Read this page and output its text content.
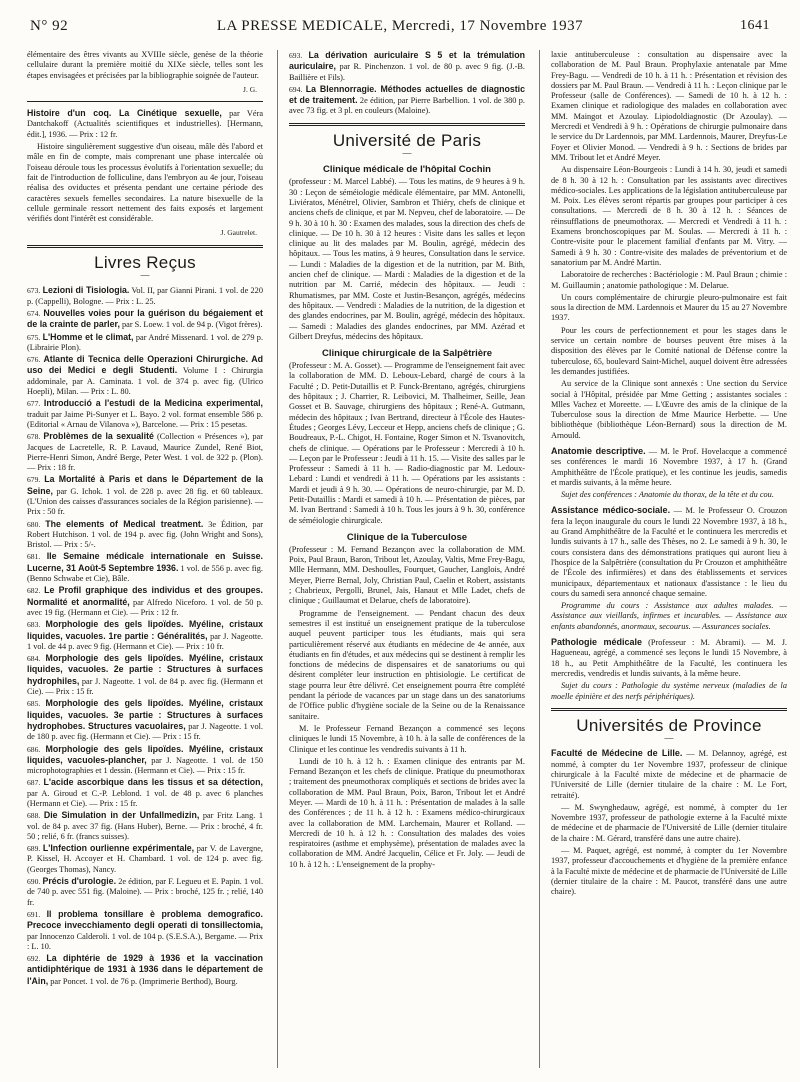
N° 92	LA PRESSE MEDICALE, Mercredi, 17 Novembre 1937	1641

élémentaire des êtres vivants au XVIIIe siècle, genèse de la théorie cellulaire durant la première moitié du XIXe siècle, telles sont les étapes envisagées et précisées par la bibliographie soignée de l'auteur.

J. G.

Histoire d'un coq. La Cinétique sexuelle, par Véra Dantchakoff (Actualités scientifiques et industrielles). [Hermann, édit.], 1936. — Prix : 12 fr.

Histoire singulièrement suggestive d'un oiseau, mâle dès l'abord et mâle en fin de compte, mais comprenant une phase intercalée où l'oiseau déroule tous les processus évolutifs à l'orientation sexuelle; du fait de l'introduction de folliculine, dans l'embryon au 4e jour, l'oiseau réalisa des oviductes et présenta pendant une certaine période des caractères sexuels femelles secondaires. La nature bisexuelle de la cellule germinale ressort nettement des faits exposés et largement vérifiés dont l'intérêt est considérable.

J. Gautrelet.
Livres Reçus
—

673. Lezioni di Tisiologia. Vol. II, par Gianni Pirani. 1 vol. de 220 p. (Cappelli), Bologne. — Prix : L. 25.

674. Nouvelles voies pour la guérison du bégaiement et de la crainte de parler, par S. Loew. 1 vol. de 94 p. (Vigot frères).

675. L'Homme et le climat, par André Missenard. 1 vol. de 279 p. (Librairie Plon).

676. Atlante di Tecnica delle Operazioni Chirurgiche. Ad uso dei Medici e degli Studenti. Volume I : Chirurgia addominale, par A. Caminata. 1 vol. de 374 p. avec fig. (Ulrico Hoepli), Milan. — Prix : L. 80.

677. Introducció a l'estudi de la Medicina experimental, traduit par Jaime Pi-Sunyer et L. Bayo. 2 vol. format ensemble 586 p. (Editorial « Arnau de Vilanova »), Barcelone. — Prix : 15 pesetas.

678. Problèmes de la sexualité (Collection « Présences »), par Jacques de Lacretelle, R. P. Lavaud, Maurice Zundel, René Biot, Pierre-Henri Simon, André Berge, Peter West. 1 vol. de 322 p. (Plon). — Prix : 18 fr.

679. La Mortalité à Paris et dans le Département de la Seine, par G. Ichok. 1 vol. de 228 p. avec 28 fig. et 60 tableaux. (L'Union des caisses d'assurances sociales de la Région parisienne). — Prix : 50 fr.

680. The elements of Medical treatment. 3e Édition, par Robert Hutchison. 1 vol. de 194 p. avec fig. (John Wright and Sons), Bristol. — Prix : 5/-.

681. IIe Semaine médicale internationale en Suisse. Lucerne, 31 Août-5 Septembre 1936. 1 vol. de 556 p. avec fig. (Benno Schwabe et Cie), Bâle.

682. Le Profil graphique des individus et des groupes. Normalité et anormalité, par Alfredo Niceforo. 1 vol. de 50 p. avec 19 fig. (Hermann et Cie). — Prix : 12 fr.

683. Morphologie des gels lipoïdes. Myéline, cristaux liquides, vacuoles. 1re partie : Généralités, par J. Nageotte. 1 vol. de 44 p. avec 9 fig. (Hermann et Cie). — Prix : 10 fr.

684. Morphologie des gels lipoïdes. Myéline, cristaux liquides, vacuoles. 2e partie : Structures à surfaces hydrophiles, par J. Nageotte. 1 vol. de 84 p. avec fig. (Hermann et Cie). — Prix : 15 fr.

685. Morphologie des gels lipoïdes. Myéline, cristaux liquides, vacuoles. 3e partie : Structures à surfaces hydrophobes. Structures vacuolaires, par J. Nageotte. 1 vol. de 180 p. avec fig. (Hermann et Cie). — Prix : 15 fr.

686. Morphologie des gels lipoïdes. Myéline, cristaux liquides, vacuoles-plancher, par J. Nageotte. 1 vol. de 150 microphotographies et 1 dessin. (Hermann et Cie). — Prix : 15 fr.

687. L'acide ascorbique dans les tissus et sa détection, par A. Giroud et C.-P. Leblond. 1 vol. de 48 p. avec 6 planches (Hermann et Cie). — Prix : 15 fr.

688. Die Simulation in der Unfallmedizin, par Fritz Lang. 1 vol. de 84 p. avec 37 fig. (Hans Huber), Berne. — Prix : broché, 4 fr. 50 ; relié, 6 fr. (francs suisses).

689. L'Infection ourlienne expérimentale, par V. de Lavergne, P. Kissel, H. Accoyer et H. Chambard. 1 vol. de 124 p. avec fig. (Georges Thomas), Nancy.

690. Précis d'urologie. 2e édition, par F. Legueu et E. Papin. 1 vol. de 740 p. avec 551 fig. (Maloine). — Prix : broché, 125 fr. ; relié, 140 fr.

691. Il problema tonsillare è problema demografico. Precoce invecchiamento degli operati di tonsillectomia, par Innocenzo Calderoli. 1 vol. de 104 p. (S.E.S.A.), Bergame. — Prix : L. 10.

692. La diphtérie de 1929 à 1936 et la vaccination antidiphtérique de 1931 à 1936 dans le département de l'Ain, par Poncet. 1 vol. de 76 p. (Imprimerie Berthod), Bourg.

693. La dérivation auriculaire S 5 et la trémulation auriculaire, par R. Pinchenzon. 1 vol. de 80 p. avec 9 fig. (J.-B. Baillière et Fils).

694. La Blennorragie. Méthodes actuelles de diagnostic et de traitement. 2e édition, par Pierre Barbellion. 1 vol. de 380 p. avec 73 fig. et 3 pl. en couleurs (Maloine).

Université de Paris
—
Clinique médicale de l'hôpital Cochin

(professeur : M. Marcel Labbé). — Tous les matins, de 9 heures à 9 h. 30 : Leçon de séméiologie médicale élémentaire, par MM. Antonelli, Liviératos, Ménétrel, Olivier, Sambron et Thiéry, chefs de clinique et anciens chefs de clinique, et par M. Nepveu, chef de laboratoire. — De 9 h. 30 à 10 h. 30 : Examen des malades, sous la direction des chefs de clinique. — De 10 h. 30 à 12 heures : Visite dans les salles et leçon clinique au lit des malades par M. Boulin, agrégé, médecin des hôpitaux. — Tous les matins, à 9 heures, Consultation dans le service. — Lundi : Maladies de la digestion et de la nutrition, par M. Bith, ancien chef de clinique. — Mardi : Maladies de la digestion et de la nutrition par M. Carrié, médecin des hôpitaux. — Jeudi : Rhumatismes, par MM. Coste et Justin-Besançon, agrégés, médecins des hôpitaux. — Vendredi : Maladies de la nutrition, de la digestion et des glandes endocrines, par M. Boulin, agrégé, médecin des hôpitaux. — Samedi : Maladies des glandes endocrines, par MM. Azérad et Gilbert Dreyfus, médecins des hôpitaux.

Clinique chirurgicale de la Salpêtrière

(Professeur : M. A. Gosset). — Programme de l'enseignement fait avec la collaboration de MM. D. Leboux-Lebard, chargé de cours à la Faculté ; D. Petit-Dutaillis et P. Funck-Brentano, agrégés, chirurgiens des hôpitaux ; J. Charrier, R. Leibovici, M. Thalheimer, Seille, Jean Gosset et B. Sauvage, chirurgiens des hôpitaux ; René-A. Gutmann, médecin des hôpitaux ; Ivan Bertrand, directeur à l'École des Hautes-Études ; Georges Lévy, Lecceur et Hepp, anciens chefs de clinique ; G. Boudreaux, P.-L. Chigot, H. Fontaine, Roger Simon et N. Tsvanovitch, chefs de clinique. — Opérations par le Professeur : Mercredi à 10 h. — Leçon par le Professeur : Jeudi à 11 h. 15. — Visite des salles par le Professeur : Samedi à 11 h. — Radio-diagnostic par M. Ledoux-Lebard : Lundi et vendredi à 11 h. — Opérations par les assistants : Mardi et jeudi à 9 h. 30. — Opérations de neuro-chirurgie, par M. D. Petit-Dutaillis : Mardi et samedi à 10 h. — Présentation de pièces, par M. Ivan Bertrand : Samedi à 10 h. Tous les jours à 9 h. 30, conférence de séméiologie chirurgicale.

Clinique de la Tuberculose

(Professeur : M. Fernand Bezançon avec la collaboration de MM. Poix, Paul Braun, Baron, Tribout let, Azoulay, Valtis, Mme Frey-Bagu, Mlle Hermann, MM. Deshoulles, Fourquet, Gaucher, Langlois, André Meyer, Pierre Bernal, Joly, Christian Paul, Caelin et Robert, assistants ; Chabrieux, Pergolli, Brunel, Jais, Hanaut et Mlle Ladet, chefs de clinique ; Guillaumat et Delarue, chefs de laboratoire).

Programme de l'enseignement. — Pendant chacun des deux semestres il est institué un enseignement pratique de la tuberculose auquel peuvent participer tous les étudiants, mais qui sera particulièrement réservé aux étudiants en médecine de 4e année, aux étudiants en fin d'études, et aux médecins qui se destinent à remplir les fonctions de médecins de dispensaires et de sanatoriums ou qui désirent compléter leur instruction en phtisiologie. Le certificat de stage pourra leur être délivré. Cet enseignement pourra être complété pendant la période de vacances par un stage dans un des sanatoriums de l'Office public d'hygiène sociale de la Seine ou de la Renaissance sanitaire.

M. le Professeur Fernand Bezançon a commencé ses leçons cliniques le lundi 15 Novembre, à 10 h. à la salle de conférences de la Clinique et les continue les vendredis suivants à 11 h.

Lundi de 10 h. à 12 h. : Examen clinique des entrants par M. Fernand Bezançon et les chefs de clinique. Pratique du pneumothorax ; traitement des pneumothorax compliqués et sections de brides avec la collaboration de MM. Paul Braun, Poix, Baron, Tribout let et André Meyer. — Mardi de 10 h. à 11 h. : Présentation de malades à la salle des Conférences ; de 11 h. à 12 h. : Examens médico-chirurgicaux avec la collaboration de MM. Larchemain, Maurer et Rolland. — Mercredi de 10 h. à 12 h. : Consultation des malades des voies respiratoires (asthme et emphysème), présentation de malades avec la collaboration de MM. André Jacquelin, Célice et Fr. Joly. — Jeudi de 10 h. à 12 h. : L'enseignement de la prophy-

laxie antituberculeuse : consultation au dispensaire avec la collaboration de M. Paul Braun. Prophylaxie antenatale par Mme Frey-Bagu. — Vendredi de 10 h. à 11 h. : Présentation et révision des dossiers par M. Paul Braun. — Vendredi à 11 h. : Leçon clinique par le Professeur (salle de Conférences). — Samedi de 10 h. à 12 h. : Examen clinique et radiologique des malades en collaboration avec MM. Maingot et Azoulay. Lipiodoldiagnostic (Dr Azoulay). — Mercredi et Vendredi à 9 h. : Opérations de chirurgie pulmonaire dans le service du Dr Lardennois, par MM. Lardennois, Maurer, Dreyfus-Le Foyer et Olivier Monod. — Vendredi à 9 h. : Sections de brides par MM. Tribout let et André Meyer.

Au dispensaire Léon-Bourgeois : Lundi à 14 h. 30, jeudi et samedi de 8 h. 30 à 12 h. : Consultation par les assistants avec directives médico-sociales. Les applications de la législation antituberculeuse par M. Poix. Les élèves seront répartis par groupes pour participer à ces consultations. — Mercredi de 8 h. 30 à 12 h. : Séances de réinsufflations de pneumothorax. — Mercredi et Vendredi à 11 h. : Examens bronchoscopiques par M. Soulas. — Mercredi à 11 h. : Contre-visite pour le placement familial d'enfants par M. Vitry. — Samedi à 9 h. 30 : Contre-visite des malades de préventorium et de sanatorium par M. André Martin.

Laboratoire de recherches : Bactériologie : M. Paul Braun ; chimie : M. Guillaumin ; anatomie pathologique : M. Delarue.

Un cours complémentaire de chirurgie pleuro-pulmonaire est fait sous la direction de MM. Lardennois et Maurer du 15 au 27 Novembre 1937.

Pour les cours de perfectionnement et pour les stages dans le service un certain nombre de bourses peuvent être mises à la disposition des élèves par le Comité national de Défense contre la tuberculose, 65, boulevard Saint-Michel, auquel doivent être adressées les demandes justifiées.

Au service de la Clinique sont annexés : Une section du Service social à l'Hôpital, présidée par Mme Getting ; assistantes sociales : Mlles Vachez et Moreette. — L'Œuvre des amis de la clinique de la Tuberculose sous la direction de Mme Maurice Herbette. — Une bibliothèque (bibliothèque Léon-Bernard) sous la direction de M. Arnould.

Anatomie descriptive. — M. le Prof. Hovelacque a commencé ses conférences le mardi 16 Novembre 1937, à 17 h. (Grand Amphithéâtre de l'École pratique), et les continue les jeudis, samedis et mardis suivants, à la même heure.

Sujet des conférences : Anatomie du thorax, de la tête et du cou.

Assistance médico-sociale. — M. le Professeur O. Crouzon fera la leçon inaugurale du cours le lundi 22 Novembre 1937, à 18 h., au Grand Amphithéâtre de la Faculté et le continuera les mercredis et lundis suivants à 17 h., salle des Thèses, no 2. Le samedi à 9 h. 30, le cours consistera dans des démonstrations pratiques qui auront lieu à l'hospice de la Salpêtrière (consultation du Pr Crouzon et amphithéâtre de l'École des infirmières) et dans des établissements et services municipaux, départementaux et nationaux d'assistance : le lieu du cours du samedi sera annoncé chaque semaine.

Programme du cours : Assistance aux adultes malades. — Assistance aux vieillards, infirmes et incurables. — Assistance aux enfants abandonnés, anormaux, secourus. — Assurances sociales.

Pathologie médicale (Professeur : M. Abrami). — M. J. Hagueneau, agrégé, a commencé ses leçons le lundi 15 Novembre, à 18 h., au Petit Amphithéâtre de la Faculté, les continuera les mercredis, vendredis et lundis suivants, à la même heure.

Sujet du cours : Pathologie du système nerveux (maladies de la moelle épinière et des nerfs périphériques).

Universités de Province
—

Faculté de Médecine de Lille. — M. Delannoy, agrégé, est nommé, à compter du 1er Novembre 1937, professeur de clinique chirurgicale à la Faculté mixte de médecine et de pharmacie de l'Université de Lille (dernier titulaire de la chaire : M. Le Fort, retraité).

— M. Swynghedauw, agrégé, est nommé, à compter du 1er Novembre 1937, professeur de pathologie externe à la Faculté mixte de médecine et de pharmacie de l'Université de Lille (dernier titulaire de la chaire : M. Gérard, transféré dans une autre chaire).

— M. Paquet, agrégé, est nommé, à compter du 1er Novembre 1937, professeur d'accouchements et d'hygiène de la première enfance à la Faculté mixte de médecine et de pharmacie de l'Université de Lille (dernier titulaire de la chaire : M. Paucot, transféré dans une autre chaire).
